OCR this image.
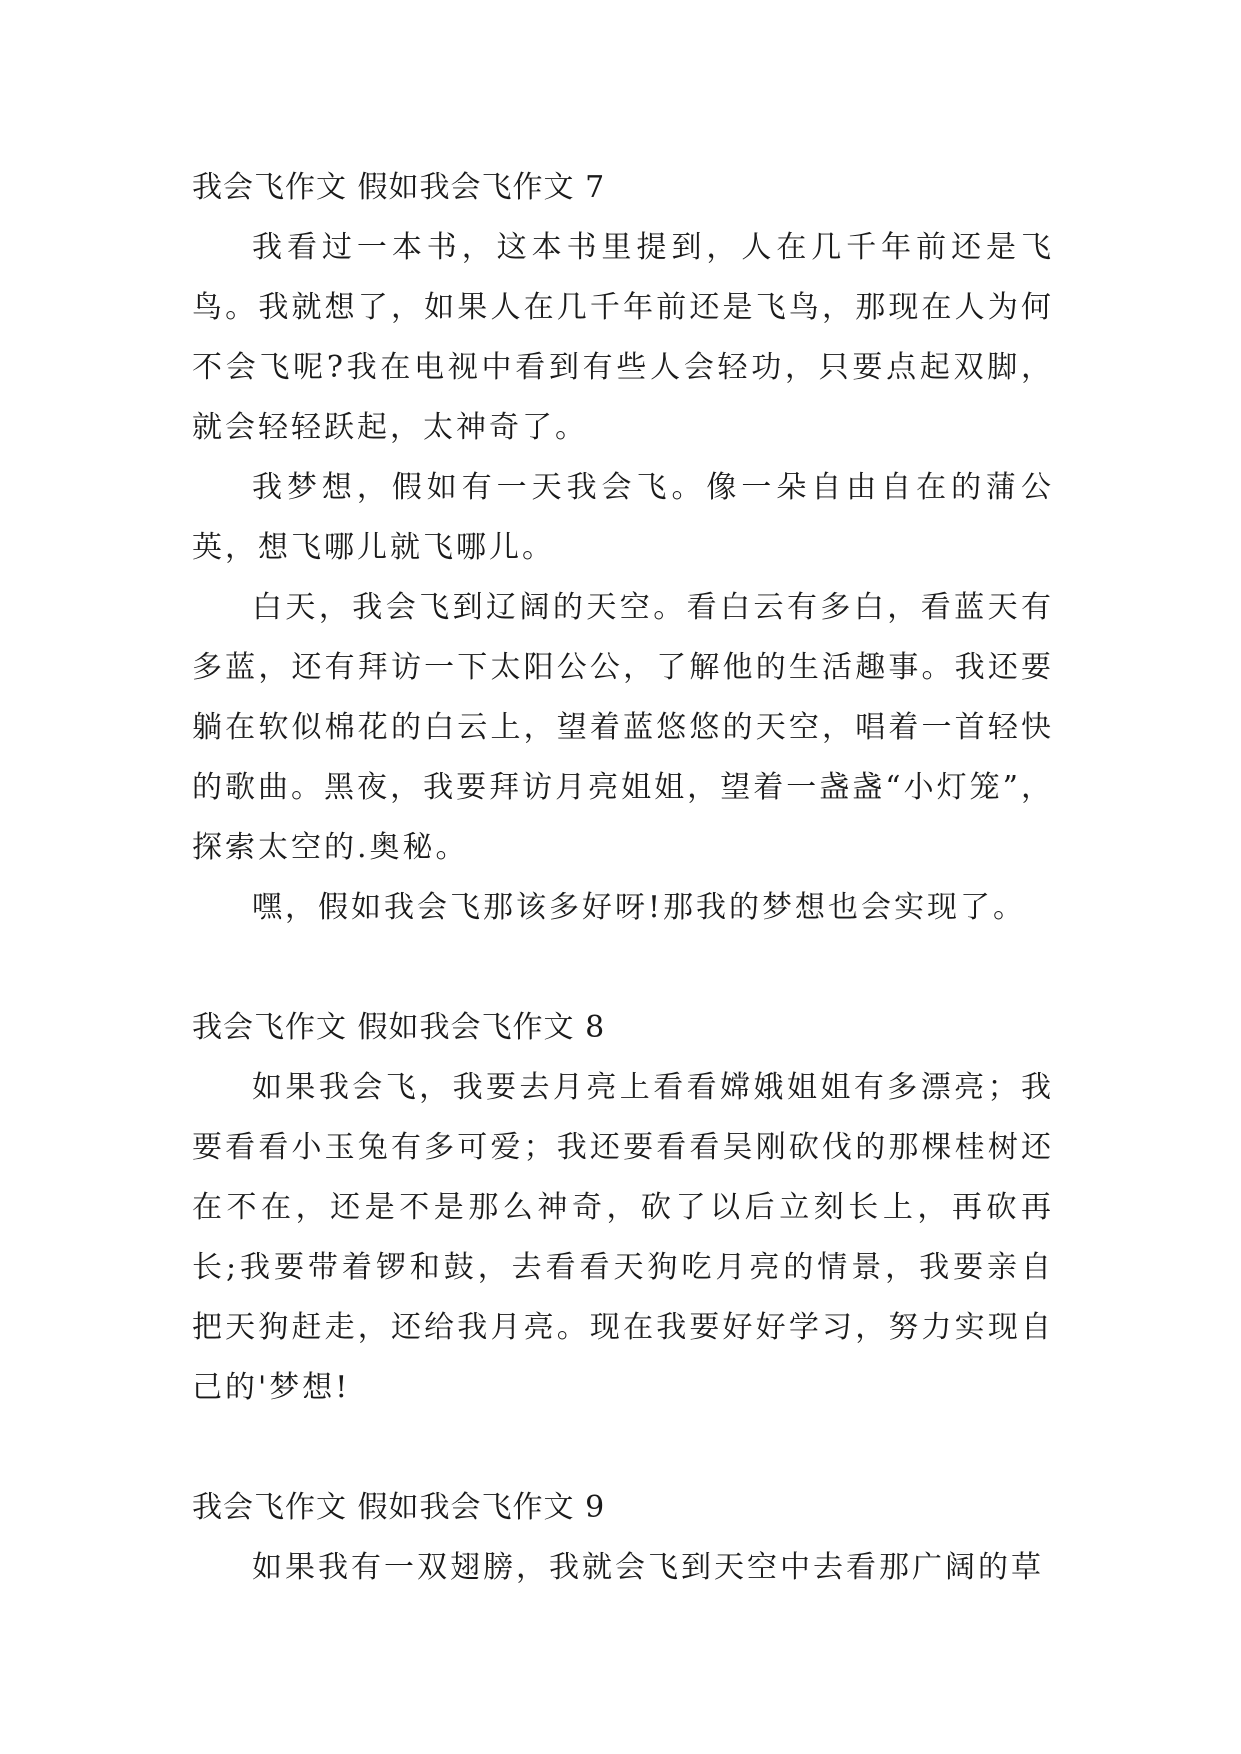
我会飞作文 假如我会飞作文 7

我看过一本书，这本书里提到，人在几千年前还是飞鸟。我就想了，如果人在几千年前还是飞鸟，那现在人为何不会飞呢?我在电视中看到有些人会轻功，只要点起双脚，就会轻轻跃起，太神奇了。

我梦想，假如有一天我会飞。像一朵自由自在的蒲公英，想飞哪儿就飞哪儿。

白天，我会飞到辽阔的天空。看白云有多白，看蓝天有多蓝，还有拜访一下太阳公公，了解他的生活趣事。我还要躺在软似棉花的白云上，望着蓝悠悠的天空，唱着一首轻快的歌曲。黑夜，我要拜访月亮姐姐，望着一盏盏“小灯笼”，探索太空的.奥秘。

嘿，假如我会飞那该多好呀!那我的梦想也会实现了。

我会飞作文 假如我会飞作文 8

如果我会飞，我要去月亮上看看嫦娥姐姐有多漂亮；我要看看小玉兔有多可爱；我还要看看吴刚砍伐的那棵桂树还在不在，还是不是那么神奇，砍了以后立刻长上，再砍再长;我要带着锣和鼓，去看看天狗吃月亮的情景，我要亲自把天狗赶走，还给我月亮。现在我要好好学习，努力实现自己的'梦想!

我会飞作文 假如我会飞作文 9

如果我有一双翅膀，我就会飞到天空中去看那广阔的草
